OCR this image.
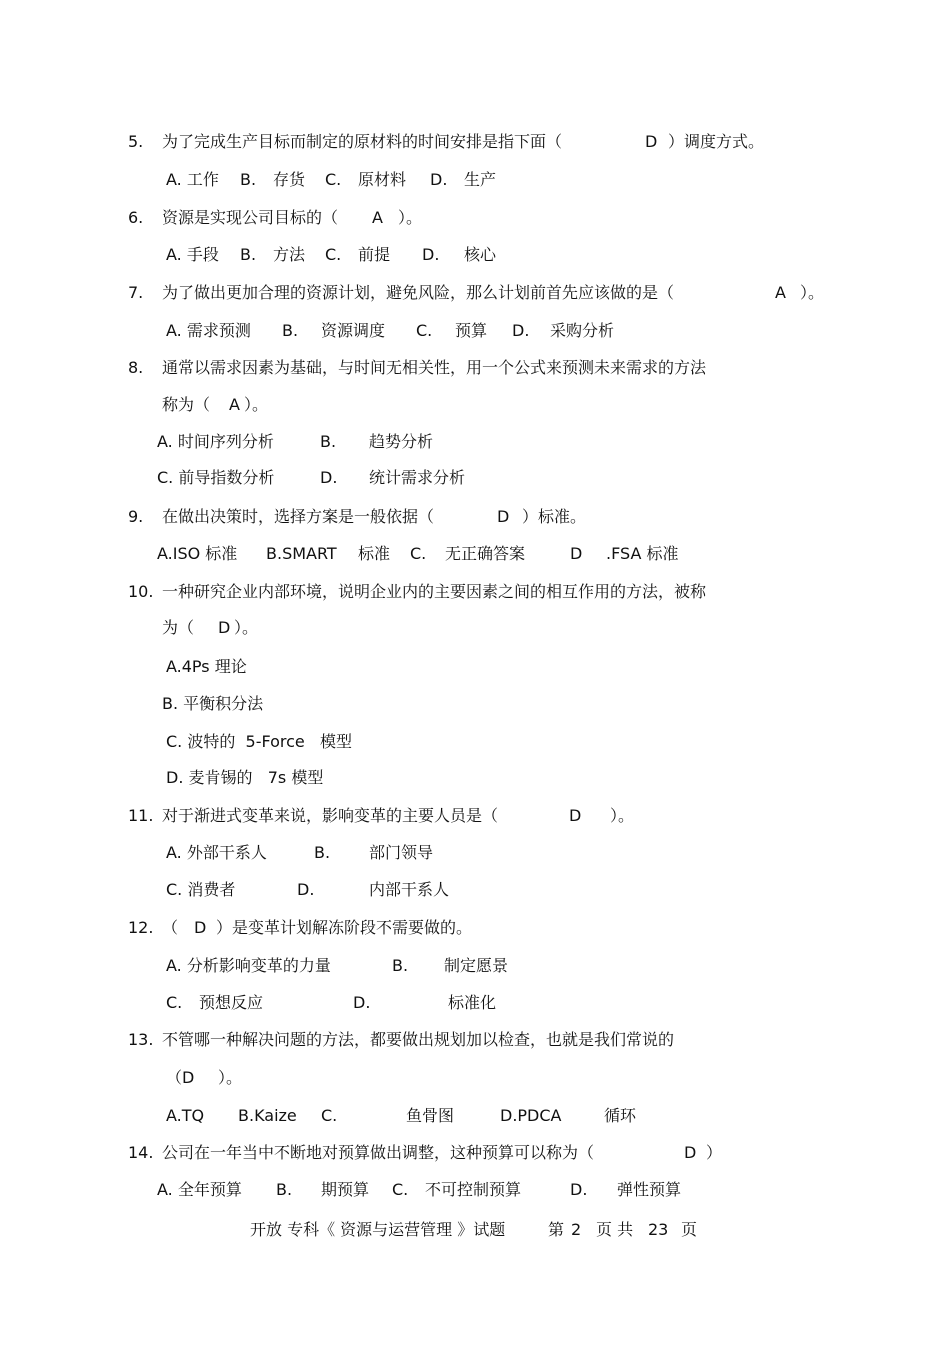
5.

为了完成生产目标而制定的原材料的时间安排是指下面（

	D

）调度方式。

A. 工作

B.

存货

C.

原材料

D.

生产

6.

资源是实现公司目标的（

A

）。

A. 手段

B.

方法

C.

前提

D.

核心

7.

为了做出更加合理的资源计划，避免风险，那么计划前首先应该做的是（

	A

）。

A. 需求预测

B.

资源调度

C.

预算

D.

采购分析

8.

通常以需求因素为基础，与时间无相关性，用一个公式来预测未来需求的方法

称为（

A

）。

A. 时间序列分析

	B.

趋势分析

C. 前导指数分析

	D.

统计需求分析

9.

在做出决策时，选择方案是一般依据（

	D

）标准。

A.ISO 标准

B.SMART

标准

C.

无正确答案

	D

.FSA 标准

10.

一种研究企业内部环境，说明企业内的主要因素之间的相互作用的方法，被称

为（

D

）。

A.4Ps 理论

B. 平衡积分法

C. 波特的  5-Force   模型

D. 麦肯锡的   7s 模型

11.

对于渐进式变革来说，影响变革的主要人员是（

	D

）。

A. 外部干系人

	B.

部门领导

C. 消费者

	D.

	内部干系人

12.

（

D

）是变革计划解冻阶段不需要做的。

A. 分析影响变革的力量

	B.

制定愿景

C.

预想反应

	D.

	标准化

13.

不管哪一种解决问题的方法，都要做出规划加以检查，也就是我们常说的

（D

）。

A.TQ

B.Kaize

C.

	鱼骨图

	D.PDCA

	循环

14.

公司在一年当中不断地对预算做出调整，这种预算可以称为（

	D

）

A. 全年预算

B.

期预算

C.

不可控制预算

	D.

弹性预算

开放 专科《 资源与运营管理 》试题

	第

2

页 共

23

页
